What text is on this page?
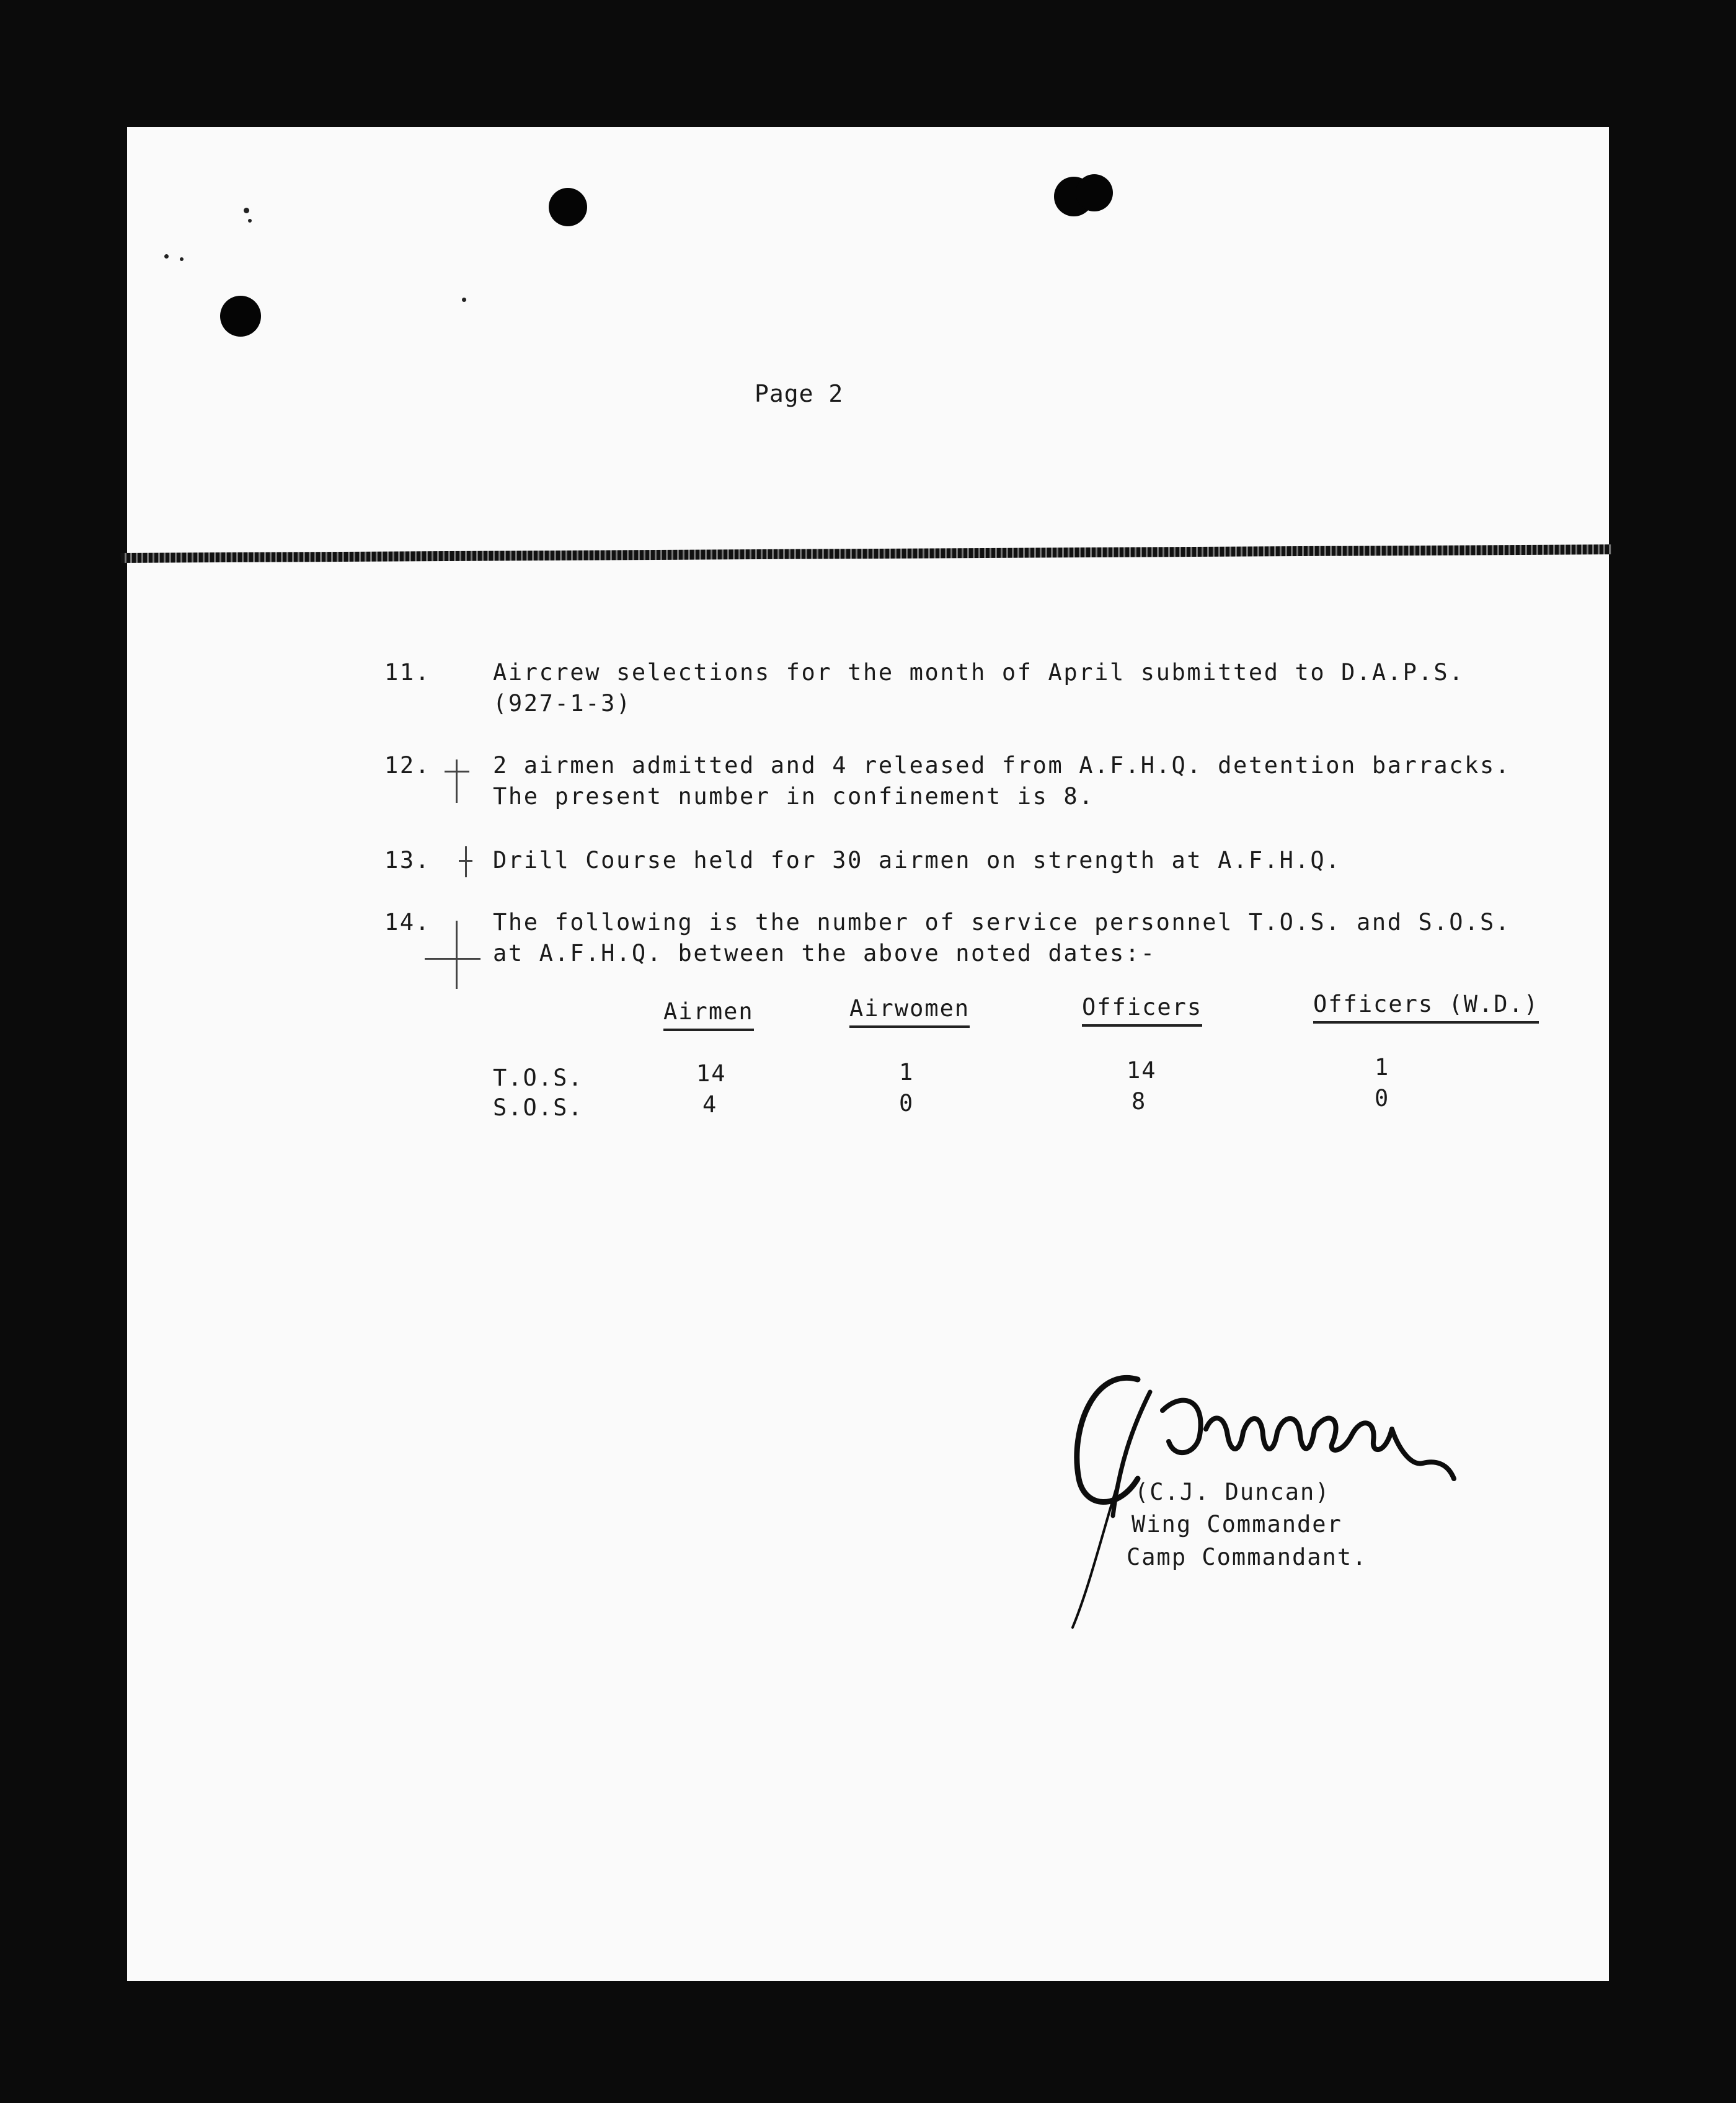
Page 2
11.	Aircrew selections for the month of April submitted to D.A.P.S.
(927-1-3)
12.	2 airmen admitted and 4 released from A.F.H.Q. detention barracks.
The present number in confinement is 8.
13.	Drill Course held for 30 airmen on strength at A.F.H.Q.
14.	The following is the number of service personnel T.O.S. and S.O.S.
at A.F.H.Q. between the above noted dates:-
Airmen	Airwomen	Officers	Officers (W.D.)
T.O.S.	14	1	14	1
S.O.S.	4	0	8	0
(C.J. Duncan)
Wing Commander
Camp Commandant.
